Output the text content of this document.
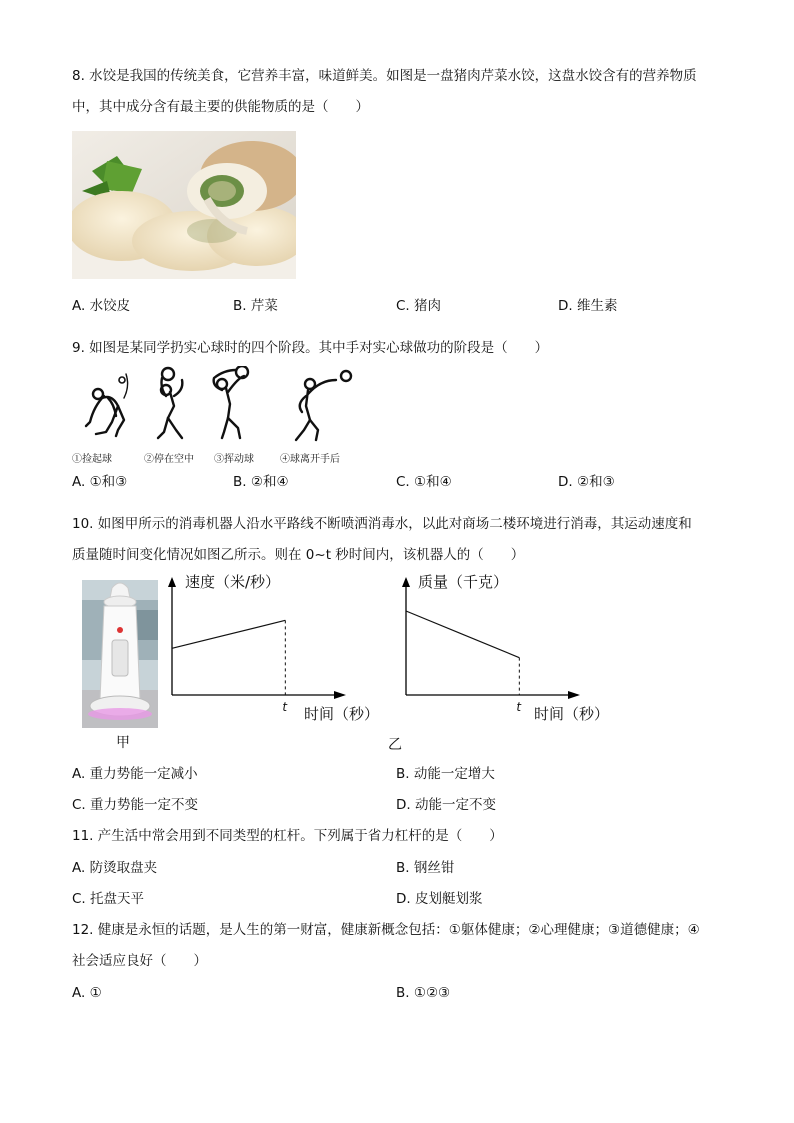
8. 水饺是我国的传统美食，它营养丰富，味道鲜美。如图是一盘猪肉芹菜水饺，这盘水饺含有的营养物质
中，其中成分含有最主要的供能物质的是（　　）
A. 水饺皮	B. 芹菜	C. 猪肉	D. 维生素
9. 如图是某同学扔实心球时的四个阶段。其中手对实心球做功的阶段是（　　）
①捡起球	②停在空中 ③挥动球	④球离开手后
A. ①和③	B. ②和④	C. ①和④	D. ②和③
10. 如图甲所示的消毒机器人沿水平路线不断喷洒消毒水，以此对商场二楼环境进行消毒，其运动速度和
质量随时间变化情况如图乙所示。则在 0~t 秒时间内，该机器人的（　　）
甲
t
速度（米/秒）
时间（秒）	t
质量（千克）
时间（秒）
乙
A. 重力势能一定减小	B. 动能一定增大
C. 重力势能一定不变	D. 动能一定不变
11. 产生活中常会用到不同类型的杠杆。下列属于省力杠杆的是（　　）
A. 防烫取盘夹	B. 钢丝钳
C. 托盘天平	D. 皮划艇划浆
12. 健康是永恒的话题，是人生的第一财富，健康新概念包括：①躯体健康；②心理健康；③道德健康；④
社会适应良好（　　）
A. ①	B. ①②③
